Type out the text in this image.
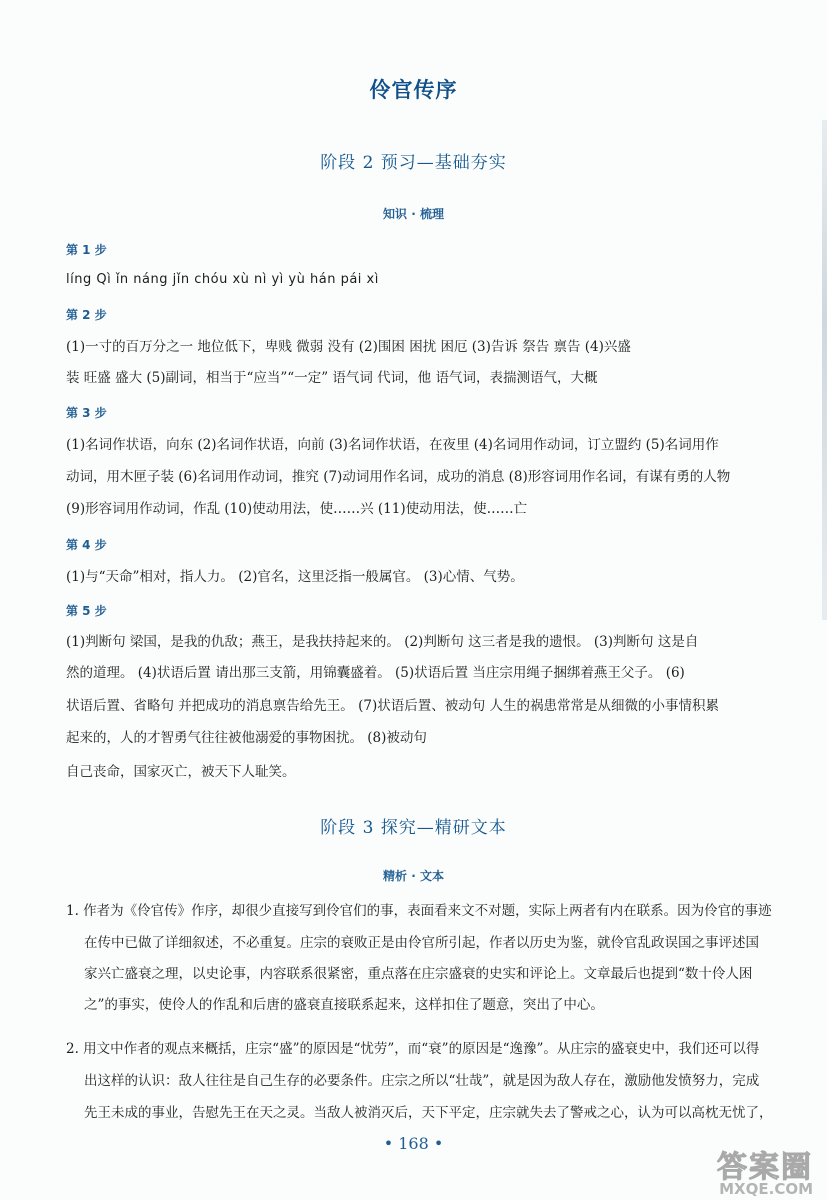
伶官传序
阶段 2 预习—基础夯实
知识 · 梳理
第 1 步
líng Qì ǐn náng jǐn chóu xù nì yì yù hán pái xì
第 2 步
(1)一寸的百万分之一 地位低下，卑贱 微弱 没有 (2)围困 困扰 困厄 (3)告诉 祭告 禀告 (4)兴盛
装 旺盛 盛大 (5)副词，相当于“应当”“一定” 语气词 代词，他 语气词，表揣测语气，大概
第 3 步
(1)名词作状语，向东 (2)名词作状语，向前 (3)名词作状语，在夜里 (4)名词用作动词，订立盟约 (5)名词用作
动词，用木匣子装 (6)名词用作动词，推究 (7)动词用作名词，成功的消息 (8)形容词用作名词，有谋有勇的人物
(9)形容词用作动词，作乱 (10)使动用法，使……兴 (11)使动用法，使……亡
第 4 步
(1)与“天命”相对，指人力。 (2)官名，这里泛指一般属官。 (3)心情、气势。
第 5 步
(1)判断句 梁国，是我的仇敌；燕王，是我扶持起来的。 (2)判断句 这三者是我的遗恨。 (3)判断句 这是自
然的道理。 (4)状语后置 请出那三支箭，用锦囊盛着。 (5)状语后置 当庄宗用绳子捆绑着燕王父子。 (6)
状语后置、省略句 并把成功的消息禀告给先王。 (7)状语后置、被动句 人生的祸患常常是从细微的小事情积累
起来的，人的才智勇气往往被他溺爱的事物困扰。 (8)被动句
自己丧命，国家灭亡，被天下人耻笑。
阶段 3 探究—精研文本
精析 · 文本
1. 作者为《伶官传》作序，却很少直接写到伶官们的事，表面看来文不对题，实际上两者有内在联系。因为伶官的事迹
在传中已做了详细叙述，不必重复。庄宗的衰败正是由伶官所引起，作者以历史为鉴，就伶官乱政误国之事评述国
家兴亡盛衰之理，以史论事，内容联系很紧密，重点落在庄宗盛衰的史实和评论上。文章最后也提到“数十伶人困
之”的事实，使伶人的作乱和后唐的盛衰直接联系起来，这样扣住了题意，突出了中心。
2. 用文中作者的观点来概括，庄宗“盛”的原因是“忧劳”，而“衰”的原因是“逸豫”。从庄宗的盛衰史中，我们还可以得
出这样的认识：敌人往往是自己生存的必要条件。庄宗之所以“壮哉”，就是因为敌人存在，激励他发愤努力，完成
先王未成的事业，告慰先王在天之灵。当敌人被消灭后，天下平定，庄宗就失去了警戒之心，认为可以高枕无忧了，
• 168 •
答案圈
MXQE.COM
